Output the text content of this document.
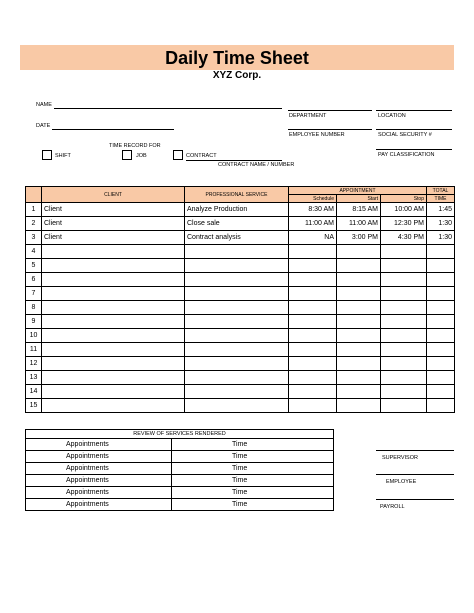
Daily Time Sheet
XYZ Corp.
NAME
DATE
TIME RECORD FOR
SHIFT	JOB	CONTRACT
CONTRACT NAME / NUMBER
DEPARTMENT	LOCATION
EMPLOYEE NUMBER	SOCIAL SECURITY #
PAY CLASSIFICATION
	CLIENT	PROFESSIONAL SERVICE	APPOINTMENT			TOTAL
			Schedule	Start	Stop	TIME
1	Client	Analyze Production	8:30 AM	8:15 AM	10:00 AM	1:45
2	Client	Close sale	11:00 AM	11:00 AM	12:30 PM	1:30
3	Client	Contract analysis	NA	3:00 PM	4:30 PM	1:30
4						
5						
6						
7						
8						
9						
10						
11						
12						
13						
14						
15						
REVIEW OF SERVICES RENDERED	
Appointments	Time
Appointments	Time
Appointments	Time
Appointments	Time
Appointments	Time
Appointments	Time
SUPERVISOR
EMPLOYEE
PAYROLL
